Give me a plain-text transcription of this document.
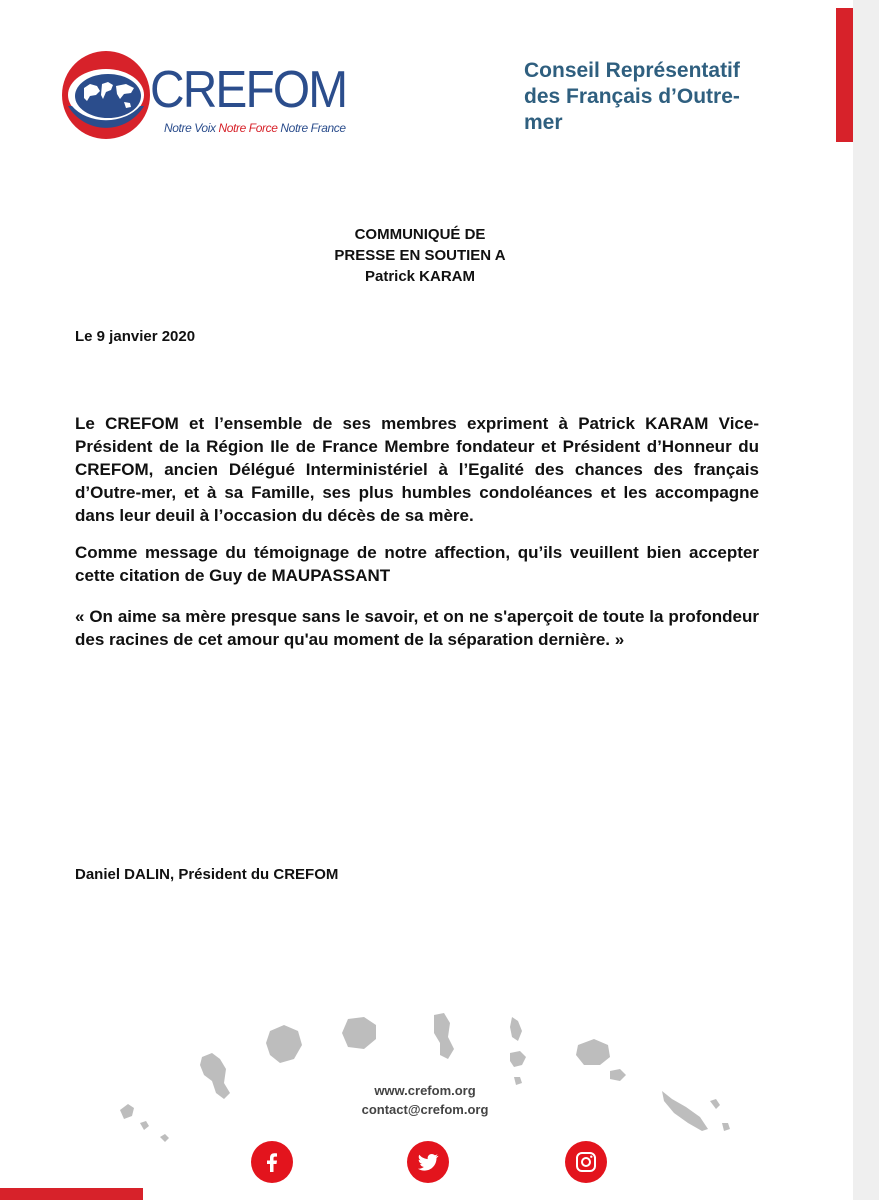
CREFOM
Notre Voix Notre Force Notre France
Conseil Représentatif
des Français d’Outre-
mer
COMMUNIQUÉ DE
PRESSE EN SOUTIEN A
Patrick KARAM
Le 9 janvier 2020

Le CREFOM et l’ensemble de ses membres expriment à Patrick KARAM Vice-Président de la Région Ile de France Membre fondateur et Président d’Honneur du CREFOM, ancien Délégué Interministériel à l’Egalité des chances des français d’Outre-mer, et à sa Famille, ses plus humbles condoléances et les accompagne dans leur deuil à l’occasion du décès de sa mère.

Comme message du témoignage de notre affection, qu’ils veuillent bien accepter cette citation de Guy de MAUPASSANT

« On aime sa mère presque sans le savoir, et on ne s'aperçoit de toute la profondeur des racines de cet amour qu'au moment de la séparation dernière. »

Daniel DALIN, Président du CREFOM
www.crefom.org
contact@crefom.org
